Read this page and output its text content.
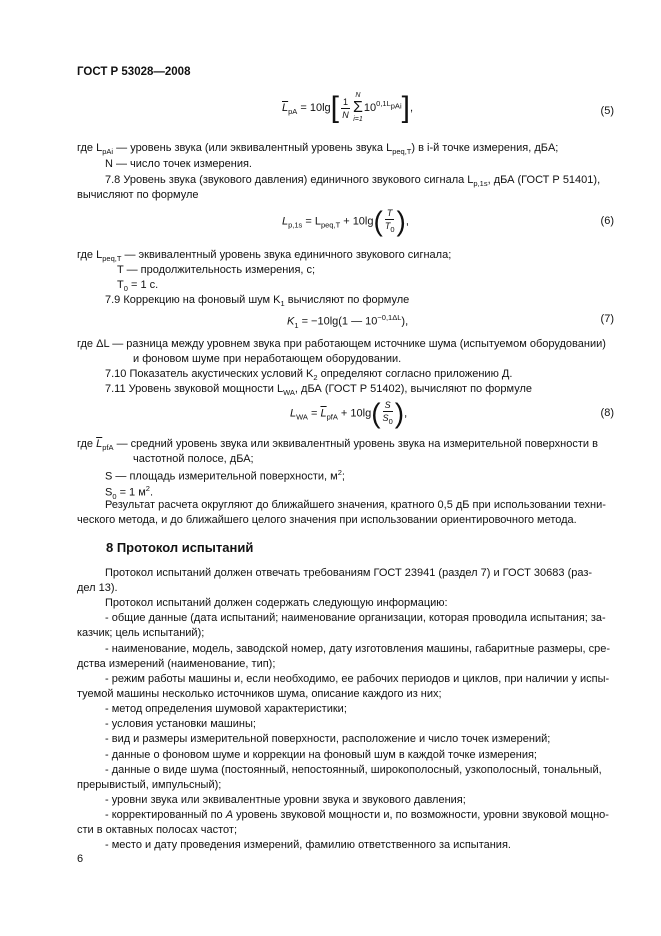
ГОСТ Р 53028—2008
$\overline{L}_{pA} = 10\lg[ \frac{1}{N}$
N
Σ
i=1
$10^{0,1L_{pAi}}$],	(5)
где $L_{pAi}$ — уровень звука (или эквивалентный уровень звука $L_{peq,T}$) в i-й точке измерения, дБA;
N — число точек измерения.
7.8 Уровень звука (звукового давления) единичного звукового сигнала $L_{p,1s}$, дБА (ГОСТ Р 51401),
вычисляют по формуле
$L_{p,1s} = L_{peq,T} + 10\lg( \frac{T}{T_0}$ ),	(6)
где $L_{peq,T}$ — эквивалентный уровень звука единичного звукового сигнала;
T — продолжительность измерения, с;
$T_0 = 1$ с.
7.9 Коррекцию на фоновый шум $K_1$ вычисляют по формуле
$K_1 = -10\lg(1$ — $10^{-0,1\Delta L}$),	(7)
где ΔL — разница между уровнем звука при работающем источнике шума (испытуемом оборудовании)
и фоновом шуме при неработающем оборудовании.
7.10 Показатель акустических условий $K_2$ определяют согласно приложению Д.
7.11 Уровень звуковой мощности $L_{WA}$, дБА (ГОСТ Р 51402), вычисляют по формуле
$L_{WA} = \overline{L}_{pfA} + 10\lg( \frac{S}{S_0}$ ),	(8)
где $\overline{L}_{pfA}$ — средний уровень звука или эквивалентный уровень звука на измерительной поверхности в
частотной полосе, дБА;
S — площадь измерительной поверхности, $м^2$;
$S_0 = 1$ $м^2$.
Результат расчета округляют до ближайшего значения, кратного 0,5 дБ при использовании техни-
ческого метода, и до ближайшего целого значения при использовании ориентировочного метода.
8 Протокол испытаний
Протокол испытаний должен отвечать требованиям ГОСТ 23941 (раздел 7) и ГОСТ 30683 (раз-
дел 13).
Протокол испытаний должен содержать следующую информацию:
- общие данные (дата испытаний; наименование организации, которая проводила испытания; за-
казчик; цель испытаний);
- наименование, модель, заводской номер, дату изготовления машины, габаритные размеры, сре-
дства измерений (наименование, тип);
- режим работы машины и, если необходимо, ее рабочих периодов и циклов, при наличии у испы-
туемой машины несколько источников шума, описание каждого из них;
- метод определения шумовой характеристики;
- условия установки машины;
- вид и размеры измерительной поверхности, расположение и число точек измерений;
- данные о фоновом шуме и коррекции на фоновый шум в каждой точке измерения;
- данные о виде шума (постоянный, непостоянный, широкополосный, узкополосный, тональный,
прерывистый, импульсный);
- уровни звука или эквивалентные уровни звука и звукового давления;
- корректированный по A уровень звуковой мощности и, по возможности, уровни звуковой мощно-
сти в октавных полосах частот;
- место и дату проведения измерений, фамилию ответственного за испытания.
6
